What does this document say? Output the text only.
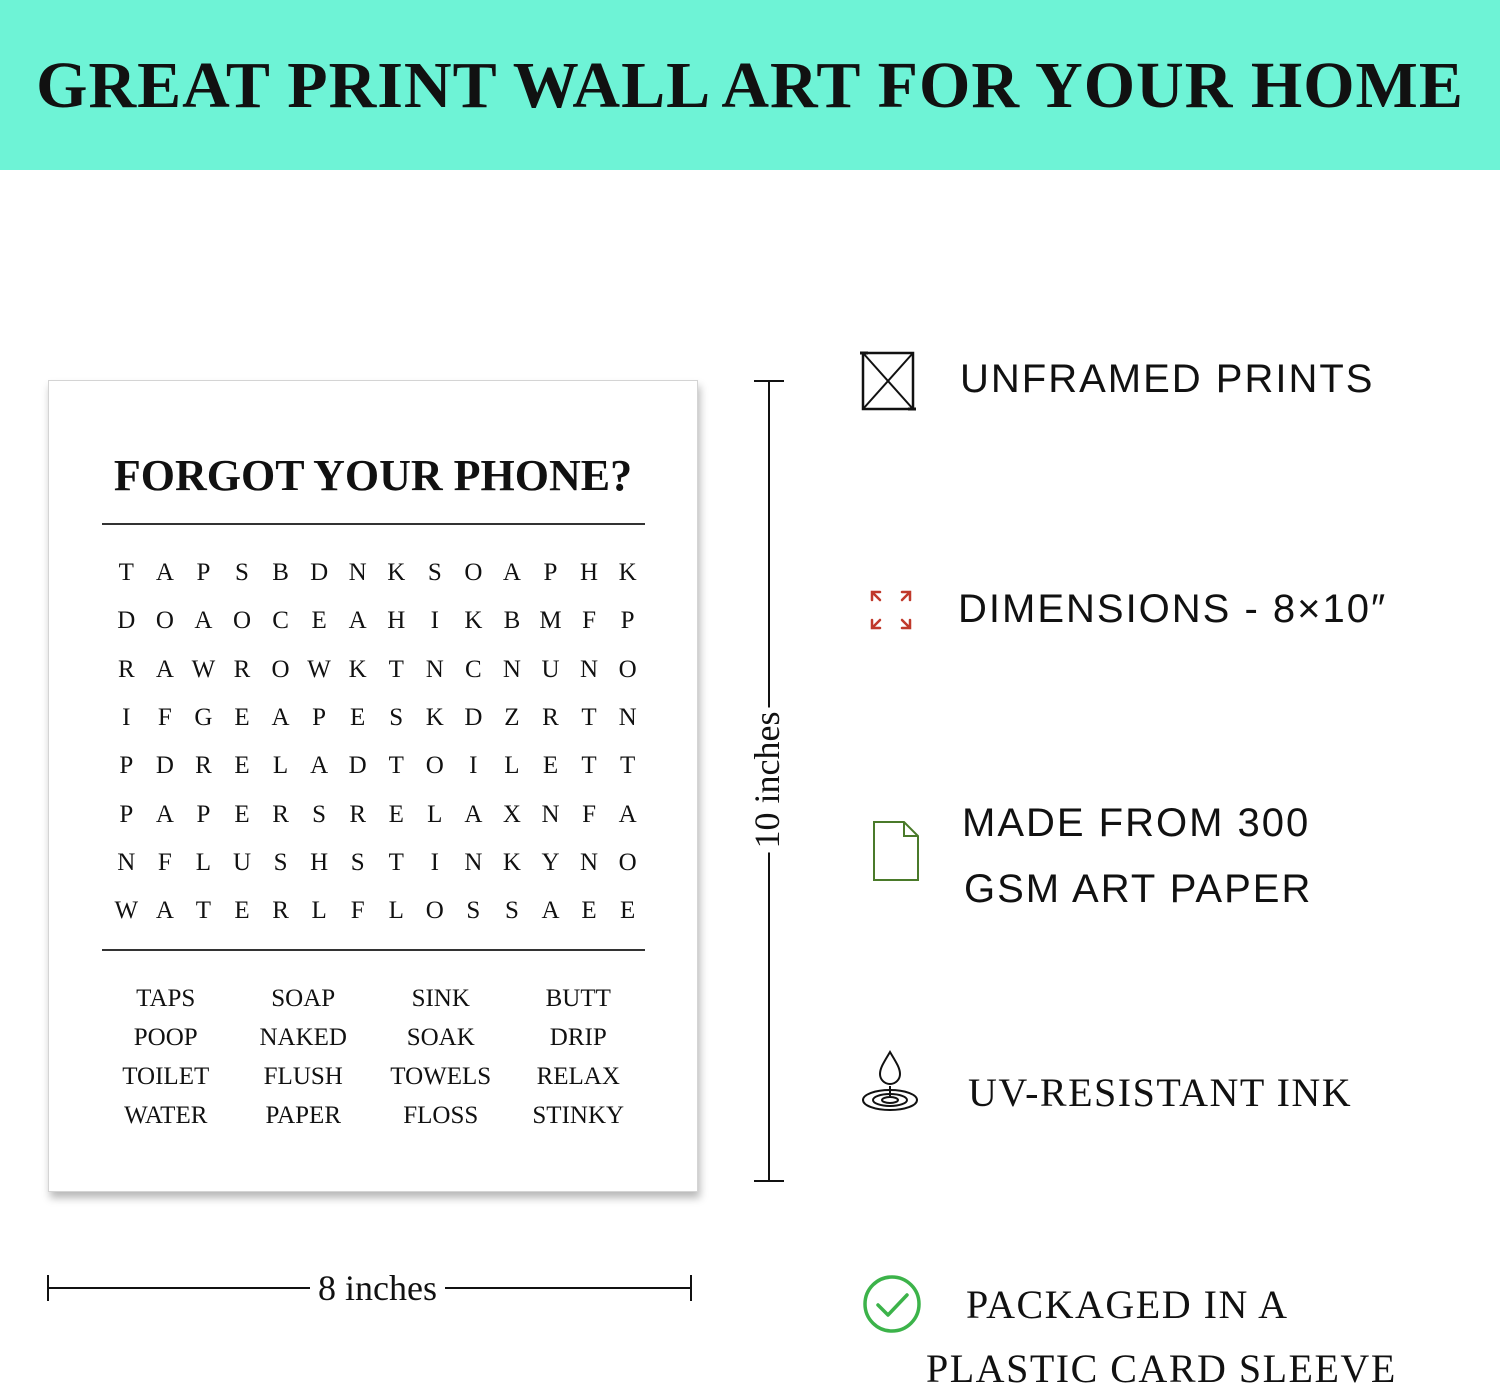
GREAT PRINT WALL ART FOR YOUR HOME
FORGOT YOUR PHONE?
T A P S B D N K S O A P H K
D O A O C E A H	I	K B M F P
R A W R O W K T N C N U N O
I	F G E A P E S K D Z R T N
P D R E L A D T O	I	L E T T
P A P E R S R E L A X N F A
N F L U S H S T	I	N K Y N O
W A T E R L F L O S S A E E
TAPS	SOAP	SINK	BUTT
POOP	NAKED	SOAK	DRIP
TOILET	FLUSH	TOWELS	RELAX
WATER	PAPER	FLOSS	STINKY
10 inches
8 inches
UNFRAMED PRINTS
DIMENSIONS - 8×10″
MADE FROM 300
GSM ART PAPER
UV-RESISTANT INK
PACKAGED IN A
PLASTIC CARD SLEEVE
